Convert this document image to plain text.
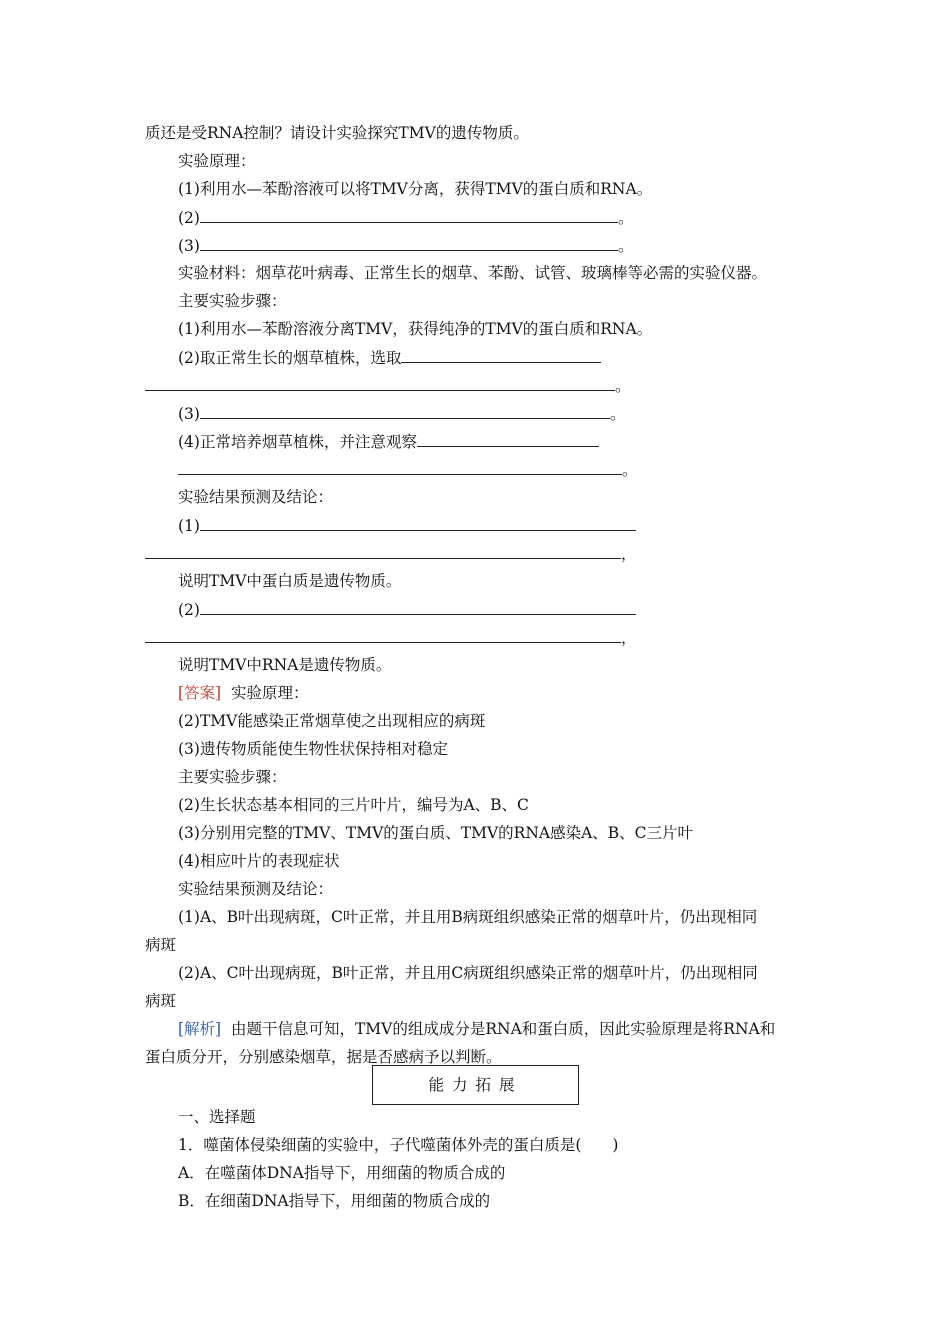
质还是受RNA控制？请设计实验探究TMV的遗传物质。
实验原理：
(1)利用水—苯酚溶液可以将TMV分离，获得TMV的蛋白质和RNA。
(2)	。
(3)	。
实验材料：烟草花叶病毒、正常生长的烟草、苯酚、试管、玻璃棒等必需的实验仪器。
主要实验步骤：
(1)利用水—苯酚溶液分离TMV，获得纯净的TMV的蛋白质和RNA。
(2)取正常生长的烟草植株，选取
。
(3)	。
(4)正常培养烟草植株，并注意观察
。
实验结果预测及结论：
(1)
，
说明TMV中蛋白质是遗传物质。
(2)
，
说明TMV中RNA是遗传物质。
[答案] 实验原理：
(2)TMV能感染正常烟草使之出现相应的病斑
(3)遗传物质能使生物性状保持相对稳定
主要实验步骤：
(2)生长状态基本相同的三片叶片，编号为A、B、C
(3)分别用完整的TMV、TMV的蛋白质、TMV的RNA感染A、B、C三片叶
(4)相应叶片的表现症状
实验结果预测及结论：
(1)A、B叶出现病斑，C叶正常，并且用B病斑组织感染正常的烟草叶片，仍出现相同
病斑
(2)A、C叶出现病斑，B叶正常，并且用C病斑组织感染正常的烟草叶片，仍出现相同
病斑
[解析] 由题干信息可知，TMV的组成成分是RNA和蛋白质，因此实验原理是将RNA和
蛋白质分开，分别感染烟草，据是否感病予以判断。
能力拓展
一、选择题
1．噬菌体侵染细菌的实验中，子代噬菌体外壳的蛋白质是(　　)
A．在噬菌体DNA指导下，用细菌的物质合成的
B．在细菌DNA指导下，用细菌的物质合成的
